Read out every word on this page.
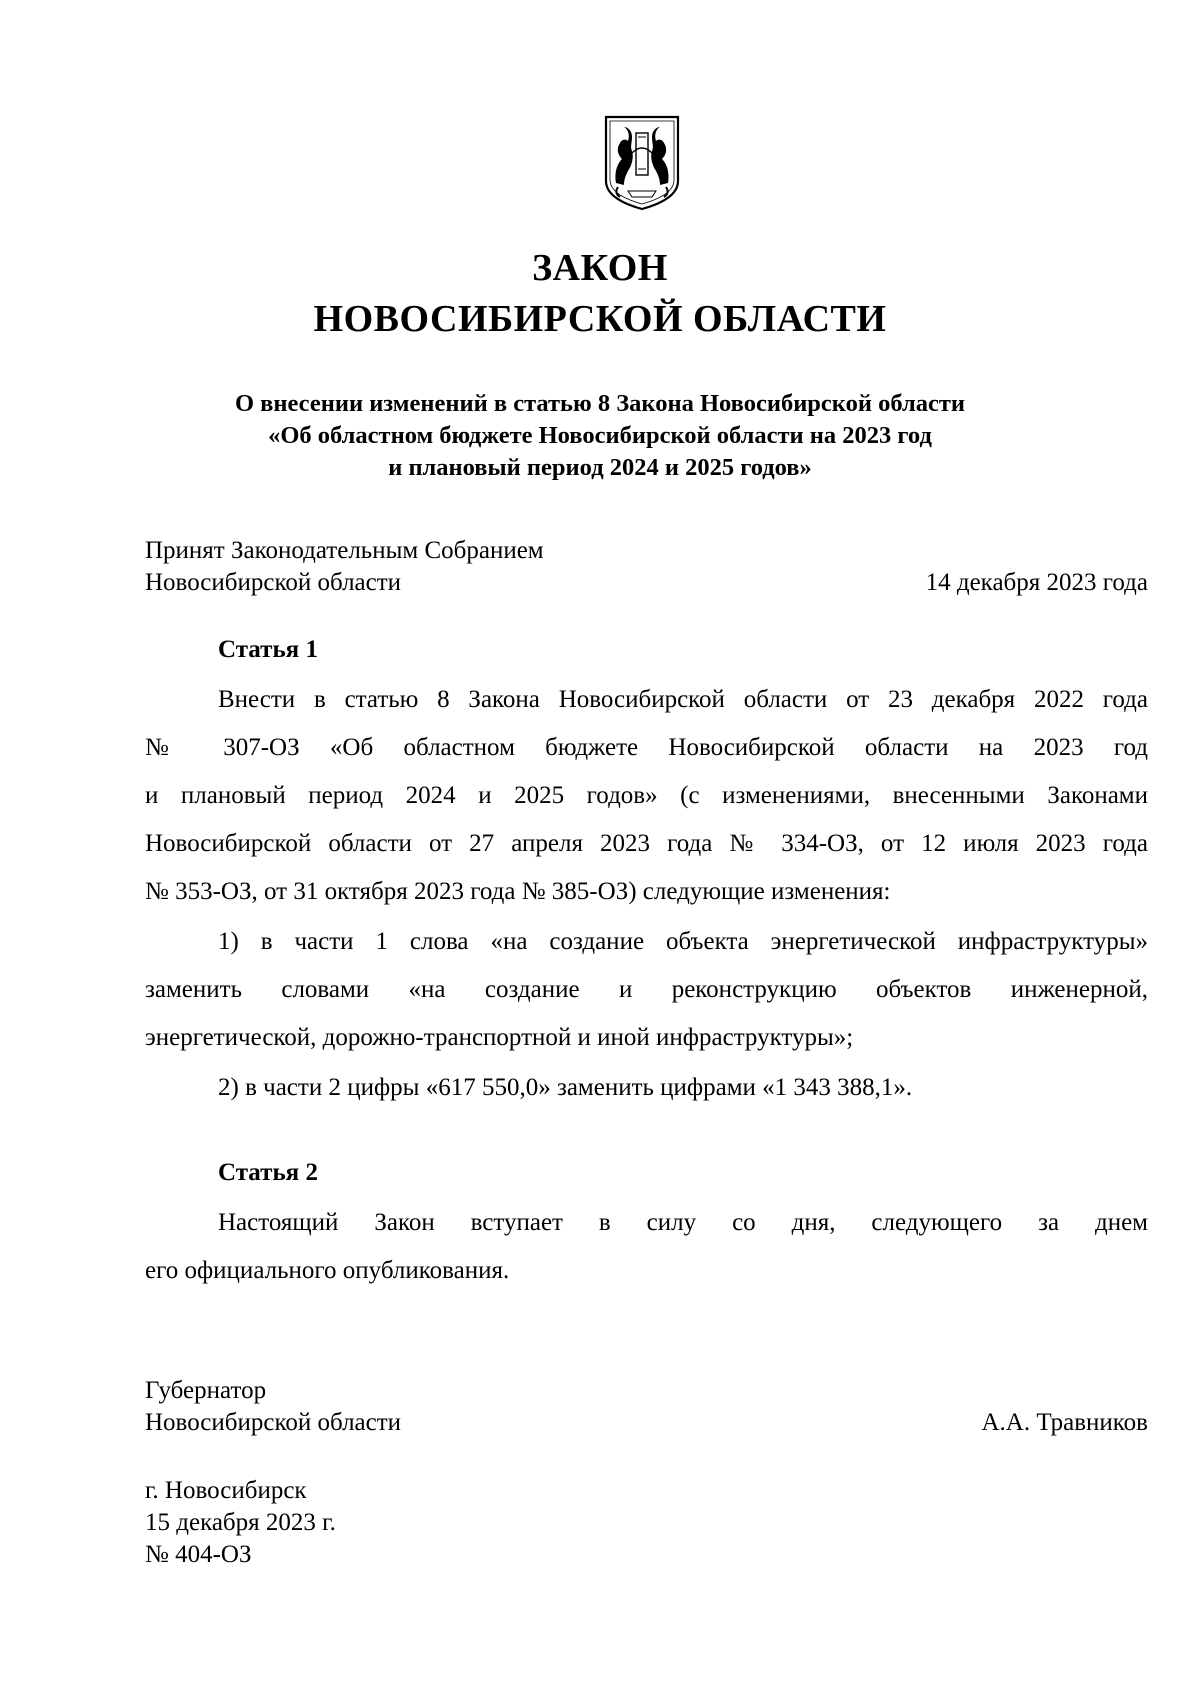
ЗАКОН
НОВОСИБИРСКОЙ ОБЛАСТИ
О внесении изменений в статью 8 Закона Новосибирской области
«Об областном бюджете Новосибирской области на 2023 год
и плановый период 2024 и 2025 годов»
Принят Законодательным Собранием
Новосибирской области	14 декабря 2023 года
Статья 1
Внести в статью 8 Закона Новосибирской области от 23 декабря 2022 года
№ 307-ОЗ «Об областном бюджете Новосибирской области на 2023 год
и плановый период 2024 и 2025 годов» (с изменениями, внесенными Законами
Новосибирской области от 27 апреля 2023 года № 334-ОЗ, от 12 июля 2023 года
№ 353-ОЗ, от 31 октября 2023 года № 385-ОЗ) следующие изменения:
1) в части 1 слова «на создание объекта энергетической инфраструктуры»
заменить словами «на создание и реконструкцию объектов инженерной,
энергетической, дорожно-транспортной и иной инфраструктуры»;
2) в части 2 цифры «617 550,0» заменить цифрами «1 343 388,1».
Статья 2
Настоящий Закон вступает в силу со дня, следующего за днем
его официального опубликования.
Губернатор
Новосибирской области	А.А. Травников
г. Новосибирск
15 декабря 2023 г.
№ 404-ОЗ
